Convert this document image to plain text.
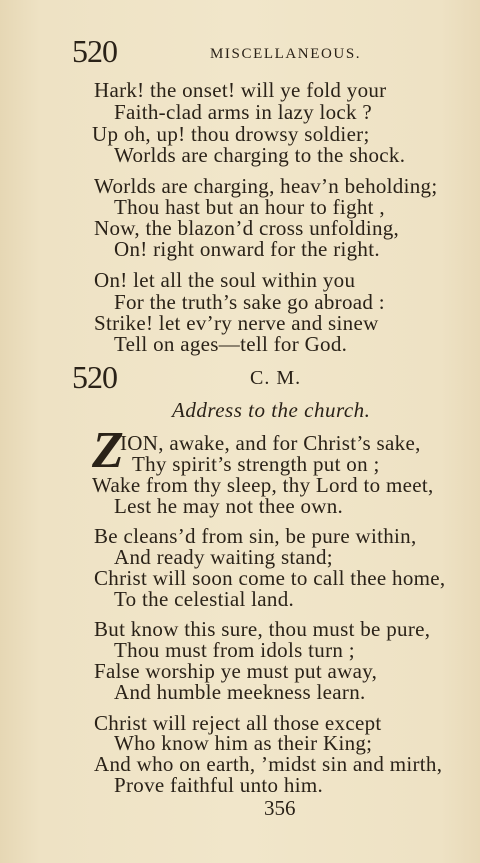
520	MISCELLANEOUS.
Hark! the onset! will ye fold your
Faith-clad arms in lazy lock ?
Up oh, up! thou drowsy soldier;
Worlds are charging to the shock.
Worlds are charging, heav’n beholding;
Thou hast but an hour to fight ,
Now, the blazon’d cross unfolding,
On! right onward for the right.
On! let all the soul within you
For the truth’s sake go abroad :
Strike! let ev’ry nerve and sinew
Tell on ages—tell for God.
520	C. M.
Address to the church.
Z
ION, awake, and for Christ’s sake,
Thy spirit’s strength put on ;
Wake from thy sleep, thy Lord to meet,
Lest he may not thee own.
Be cleans’d from sin, be pure within,
And ready waiting stand;
Christ will soon come to call thee home,
To the celestial land.
But know this sure, thou must be pure,
Thou must from idols turn ;
False worship ye must put away,
And humble meekness learn.
Christ will reject all those except
Who know him as their King;
And who on earth, ’midst sin and mirth,
Prove faithful unto him.
356
